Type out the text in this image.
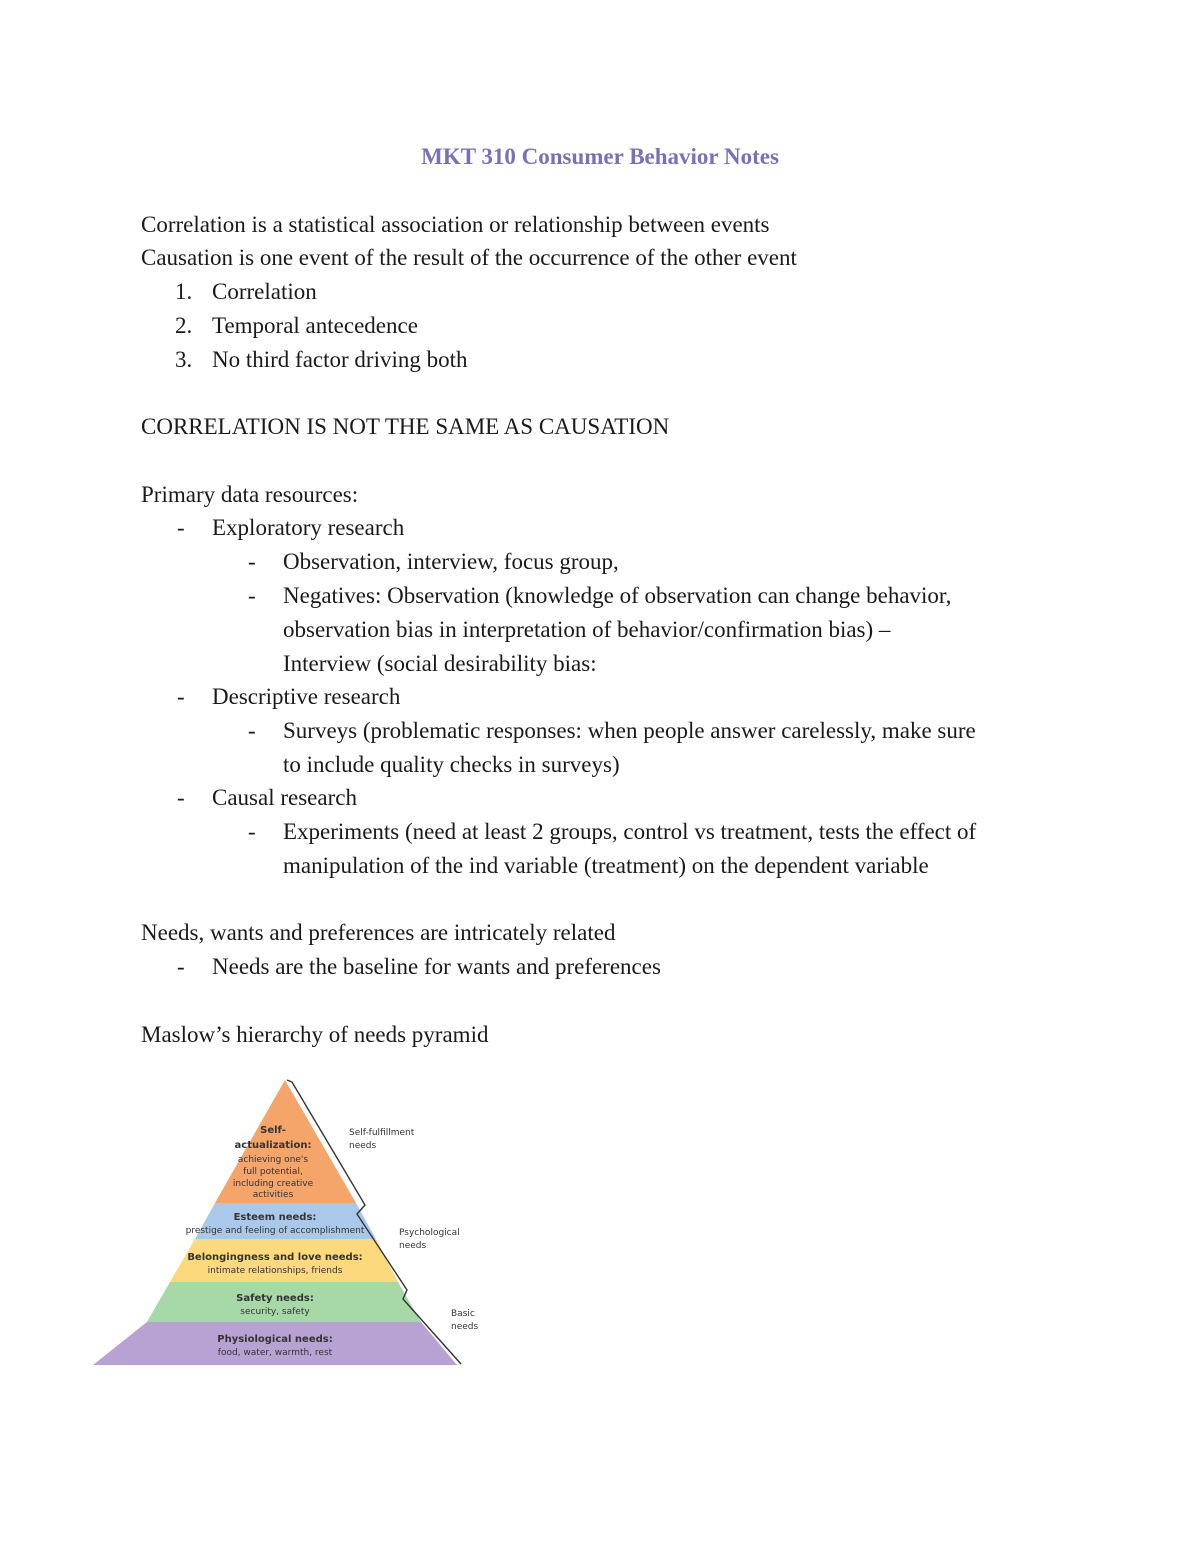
MKT 310 Consumer Behavior Notes
Correlation is a statistical association or relationship between events
Causation is one event of the result of the occurrence of the other event
1. Correlation
2. Temporal antecedence
3. No third factor driving both
CORRELATION IS NOT THE SAME AS CAUSATION
Primary data resources:
- Exploratory research
- Observation, interview, focus group,
- Negatives: Observation (knowledge of observation can change behavior,
observation bias in interpretation of behavior/confirmation bias) –
Interview (social desirability bias:
- Descriptive research
- Surveys (problematic responses: when people answer carelessly, make sure
to include quality checks in surveys)
- Causal research
- Experiments (need at least 2 groups, control vs treatment, tests the effect of
manipulation of the ind variable (treatment) on the dependent variable
Needs, wants and preferences are intricately related
- Needs are the baseline for wants and preferences
Maslow’s hierarchy of needs pyramid
Self-
actualization:
achieving one's
full potential,
including creative
activities
Esteem needs:
prestige and feeling of accomplishment
Belongingness and love needs:
intimate relationships, friends
Safety needs:
security, safety
Physiological needs:
food, water, warmth, rest
Self-fulfillment
needs
Psychological
needs
Basic
needs
